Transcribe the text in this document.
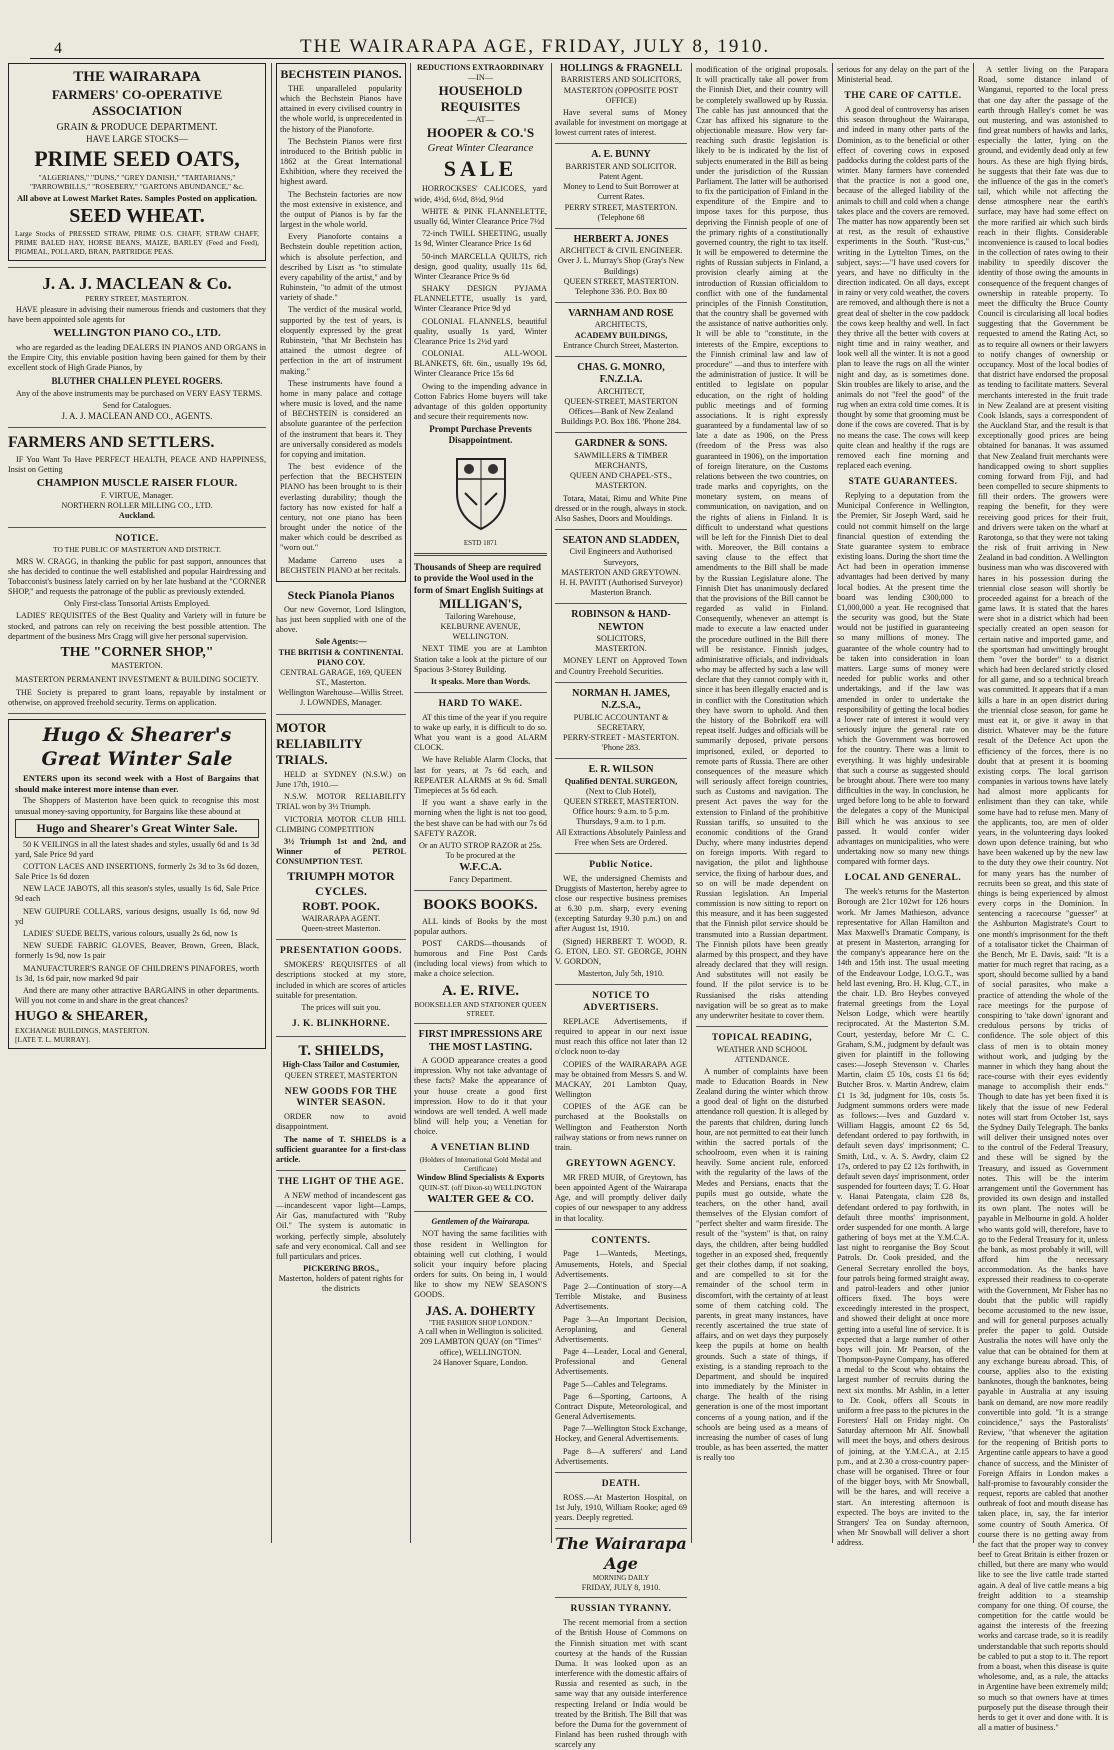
4	THE WAIRARAPA AGE, FRIDAY, JULY 8, 1910.
THE WAIRARAPA
FARMERS' CO-OPERATIVE ASSOCIATION
GRAIN & PRODUCE DEPARTMENT.
HAVE LARGE STOCKS—
PRIME SEED OATS,
"ALGERIANS," "DUNS," "GREY DANISH," "TARTARIANS," "PARROWBILLS," "ROSEBERY," "GARTONS ABUNDANCE," &c.
All above at Lowest Market Rates. Samples Posted on application.
SEED WHEAT.
Large Stocks of PRESSED STRAW, PRIME O.S. CHAFF, STRAW CHAFF, PRIME BALED HAY, HORSE BEANS, MAIZE, BARLEY (Feed and Feed), PIGMEAL, POLLARD, BRAN, PARTRIDGE PEAS.
J. A. J. MACLEAN & Co.
PERRY STREET, MASTERTON.

HAVE pleasure in advising their numerous friends and customers that they have been appointed sole agents for

WELLINGTON PIANO CO., LTD.

who are regarded as the leading DEALERS IN PIANOS AND ORGANS in the Empire City, this enviable position having been gained for them by their excellent stock of High Grade Pianos, by

BLUTHER CHALLEN PLEYEL ROGERS.

Any of the above instruments may be purchased on VERY EASY TERMS.

Send for Catalogues.
J. A. J. MACLEAN AND CO., AGENTS.
FARMERS AND SETTLERS.

IF You Want To Have PERFECT HEALTH, PEACE AND HAPPINESS, Insist on Getting

CHAMPION MUSCLE RAISER FLOUR.
F. VIRTUE, Manager.
NORTHERN ROLLER MILLING CO., LTD.
Auckland.
NOTICE.
TO THE PUBLIC OF MASTERTON AND DISTRICT.

MRS W. CRAGG, in thanking the public for past support, announces that she has decided to continue the well established and popular Hairdressing and Tobacconist's business lately carried on by her late husband at the "CORNER SHOP," and requests the patronage of the public as previously extended.

Only First-class Tonsorial Artists Employed.

LADIES' REQUISITES of the Best Quality and Variety will in future be stocked, and patrons can rely on receiving the best possible attention. The department of the business Mrs Cragg will give her personal supervision.

THE "CORNER SHOP,"
MASTERTON.
MASTERTON PERMANENT INVESTMENT & BUILDING SOCIETY.

THE Society is prepared to grant loans, repayable by instalment or otherwise, on approved freehold security. Terms on application.

Hugo & Shearer's Great Winter Sale

ENTERS upon its second week with a Host of Bargains that should make interest more intense than ever.

The Shoppers of Masterton have been quick to recognise this most unusual money-saving opportunity, for Bargains like these abound at

Hugo and Shearer's Great Winter Sale.

50 K VEILINGS in all the latest shades and styles, usually 6d and 1s 3d yard, Sale Price 9d yard

COTTON LACES AND INSERTIONS, formerly 2s 3d to 3s 6d dozen, Sale Price 1s 6d dozen

NEW LACE JABOTS, all this season's styles, usually 1s 6d, Sale Price 9d each

NEW GUIPURE COLLARS, various designs, usually 1s 6d, now 9d yd

LADIES' SUEDE BELTS, various colours, usually 2s 6d, now 1s

NEW SUEDE FABRIC GLOVES, Beaver, Brown, Green, Black, formerly 1s 9d, now 1s pair

MANUFACTURER'S RANGE OF CHILDREN'S PINAFORES, worth 1s 3d, 1s 6d pair, now marked 9d pair

And there are many other attractive BARGAINS in other departments. Will you not come in and share in the great chances?

HUGO & SHEARER,
EXCHANGE BUILDINGS, MASTERTON.
[LATE T. L. MURRAY].
BECHSTEIN PIANOS.

THE unparalleled popularity which the Bechstein Pianos have attained in every civilised country in the whole world, is unprecedented in the history of the Pianoforte.

The Bechstein Pianos were first introduced to the British public in 1862 at the Great International Exhibition, where they received the highest award.

The Bechstein factories are now the most extensive in existence, and the output of Pianos is by far the largest in the whole world.

Every Pianoforte contains a Bechstein double repetition action, which is absolute perfection, and described by Liszt as "to stimulate every capability of the artist," and by Rubinstein, "to admit of the utmost variety of shade."

The verdict of the musical world, supported by the test of years, is eloquently expressed by the great Rubinstein, "that Mr Bechstein has attained the utmost degree of perfection in the art of instrument making."

These instruments have found a home in many palace and cottage where music is loved, and the name of BECHSTEIN is considered an absolute guarantee of the perfection of the instrument that bears it. They are universally considered as models for copying and imitation.

The best evidence of the perfection that the BECHSTEIN PIANO has been brought to is their everlasting durability; though the factory has now existed for half a century, not one piano has been brought under the notice of the maker which could be described as "worn out."

Madame Carreno uses a BECHSTEIN PIANO at her recitals.

Steck Pianola Pianos

Our new Governor, Lord Islington, has just been supplied with one of the above.

Sole Agents:—
THE BRITISH & CONTINENTAL PIANO COY.
CENTRAL GARAGE, 169, QUEEN ST., Masterton.
Wellington Warehouse—Willis Street.
J. LOWNDES, Manager.
MOTOR RELIABILITY TRIALS.

HELD at SYDNEY (N.S.W.) on June 17th, 1910.—

N.S.W. MOTOR RELIABILITY TRIAL won by 3½ Triumph.

VICTORIA MOTOR CLUB HILL CLIMBING COMPETITION

3½ Triumph 1st and 2nd, and Winner of PETROL CONSUMPTION TEST.

TRIUMPH MOTOR CYCLES.
ROBT. POOK.
WAIRARAPA AGENT.
Queen-street Masterton.
PRESENTATION GOODS.

SMOKERS' REQUISITES of all descriptions stocked at my store, included in which are scores of articles suitable for presentation.

The prices will suit you.
J. K. BLINKHORNE.
T. SHIELDS,
High-Class Tailor and Costumier,
QUEEN STREET, MASTERTON
NEW GOODS FOR THE WINTER SEASON.

ORDER now to avoid disappointment.

The name of T. SHIELDS is a sufficient guarantee for a first-class article.

THE LIGHT OF THE AGE.

A NEW method of incandescent gas—incandescent vapor light—Lamps, Air Gas, manufactured with "Ruby Oil." The system is automatic in working, perfectly simple, absolutely safe and very economical. Call and see full particulars and prices.

PICKERING BROS.,
Masterton, holders of patent rights for the districts
REDUCTIONS EXTRAORDINARY
—IN—
HOUSEHOLD REQUISITES
—AT—
HOOPER & CO.'S
Great Winter Clearance
SALE

HORROCKSES' CALICOES, yard wide, 4½d, 6½d, 8½d, 9½d

WHITE & PINK FLANNELETTE, usually 6d, Winter Clearance Price 7½d

72-inch TWILL SHEETING, usually 1s 9d, Winter Clearance Price 1s 6d

50-inch MARCELLA QUILTS, rich design, good quality, usually 11s 6d, Winter Clearance Price 9s 6d

SHAKY DESIGN PYJAMA FLANNELETTE, usually 1s yard, Winter Clearance Price 9d yd

COLONIAL FLANNELS, beautiful quality, usually 1s yard, Winter Clearance Price 1s 2½d yard

COLONIAL ALL-WOOL BLANKETS, 6ft. 6in., usually 19s 6d, Winter Clearance Price 15s 6d

Owing to the impending advance in Cotton Fabrics Home buyers will take advantage of this golden opportunity and secure their requirements now.

Prompt Purchase Prevents Disappointment.
ESTD 1871
Thousands of Sheep are required to provide the Wool used in the form of Smart English Suitings at
MILLIGAN'S,
Tailoring Warehouse,
KELBURNE AVENUE,
WELLINGTON.

NEXT TIME you are at Lambton Station take a look at the picture of our Spacious 3-Storey Building.

It speaks. More than Words.
HARD TO WAKE.

AT this time of the year if you require to wake up early, it is difficult to do so. What you want is a good ALARM CLOCK.

We have Reliable Alarm Clocks, that last for years, at 7s 6d each, and REPEATER ALARMS at 9s 6d. Small Timepieces at 5s 6d each.

If you want a shave early in the morning when the light is not too good, the best shave can be had with our 7s 6d SAFETY RAZOR.

Or an AUTO STROP RAZOR at 25s.
To be procured at the
W.F.C.A.
Fancy Department.
BOOKS BOOKS.

ALL kinds of Books by the most popular authors.

POST CARDS—thousands of humorous and Fine Post Cards (including local views) from which to make a choice selection.

A. E. RIVE.
BOOKSELLER AND STATIONER QUEEN STREET.
FIRST IMPRESSIONS ARE THE MOST LASTING.

A GOOD appearance creates a good impression. Why not take advantage of these facts? Make the appearance of your house create a good first impression. How to do it that your windows are well tended. A well made blind will help you; a Venetian for choice.

A VENETIAN BLIND
(Holders of International Gold Medal and Certificate)
Window Blind Specialists & Exports
QUIN-ST. (off Dixon-st) WELLINGTON
WALTER GEE & CO.
Gentlemen of the Wairarapa.

NOT having the same facilities with those resident in Wellington for obtaining well cut clothing, I would solicit your inquiry before placing orders for suits. On being in, I would like to show my NEW SEASON'S GOODS.

JAS. A. DOHERTY
"THE FASHION SHOP LONDON."
A call when in Wellington is solicited.
209 LAMBTON QUAY (on "Times" office), WELLINGTON.
24 Hanover Square, London.
HOLLINGS & FRAGNELL
BARRISTERS AND SOLICITORS,
MASTERTON (OPPOSITE POST OFFICE)

Have several sums of Money available for investment on mortgage at lowest current rates of interest.

A. E. BUNNY
BARRISTER AND SOLICITOR.
Patent Agent.
Money to Lend to Suit Borrower at Current Rates.
PERRY STREET, MASTERTON.
(Telephone 68
HERBERT A. JONES
ARCHITECT & CIVIL ENGINEER.
Over J. L. Murray's Shop (Gray's New Buildings)
QUEEN STREET, MASTERTON.
Telephone 336. P.O. Box 80
VARNHAM AND ROSE
ARCHITECTS,
ACADEMY BUILDINGS,
Entrance Church Street, Masterton.
CHAS. G. MONRO, F.N.Z.I.A.
ARCHITECT,
QUEEN-STREET, MASTERTON
Offices—Bank of New Zealand Buildings P.O. Box 186. 'Phone 284.
GARDNER & SONS.
SAWMILLERS & TIMBER MERCHANTS,
QUEEN AND CHAPEL-STS., MASTERTON.

Totara, Matai, Rimu and White Pine dressed or in the rough, always in stock. Also Sashes, Doors and Mouldings.

SEATON AND SLADDEN,
Civil Engineers and Authorised Surveyors,
MASTERTON AND GREYTOWN.
H. H. PAVITT (Authorised Surveyor) Masterton Branch.
ROBINSON & HAND-NEWTON
SOLICITORS,
MASTERTON.

MONEY LENT on Approved Town and Country Freehold Securities.

NORMAN H. JAMES, N.Z.S.A.,
PUBLIC ACCOUNTANT & SECRETARY,
PERRY-STREET - MASTERTON.
'Phone 283.
E. R. WILSON
Qualified DENTAL SURGEON,
(Next to Club Hotel),
QUEEN STREET, MASTERTON.
Office hours: 9 a.m. to 5 p.m. Thursdays, 9 a.m. to 1 p.m.
All Extractions Absolutely Painless and Free when Sets are Ordered.
Public Notice.

WE, the undersigned Chemists and Druggists of Masterton, hereby agree to close our respective business premises at 6.30 p.m. sharp, every evening (excepting Saturday 9.30 p.m.) on and after August 1st, 1910.

(Signed) HERBERT T. WOOD, R. G. ETON, LEO. ST. GEORGE, JOHN V. GORDON,

Masterton, July 5th, 1910.
NOTICE TO ADVERTISERS.

REPLACE Advertisements, if required to appear in our next issue must reach this office not later than 12 o'clock noon to-day

COPIES of the WAIRARAPA AGE may be obtained from Messrs S. and W. MACKAY, 201 Lambton Quay, Wellington

COPIES of the AGE can be purchased at the Bookstalls on Wellington and Featherston North railway stations or from news runner on train.

GREYTOWN AGENCY.

MR FRED MUIR, of Greytown, has been appointed Agent of the Wairarapa Age, and will promptly deliver daily copies of our newspaper to any address in that locality.

CONTENTS.

Page 1—Wanteds, Meetings, Amusements, Hotels, and Special Advertisements.

Page 2—Continuation of story—A Terrible Mistake, and Business Advertisements.

Page 3—An Important Decision, Aeroplaning, and General Advertisements.

Page 4—Leader, Local and General, Professional and General Advertisements.

Page 5—Cables and Telegrams.

Page 6—Sporting, Cartoons, A Contract Dispute, Meteorological, and General Advertisements.

Page 7—Wellington Stock Exchange, Hockey, and General Advertisements.

Page 8—A sufferers' and Land Advertisements.

DEATH.

ROSS.—At Masterton Hospital, on 1st July, 1910, William Rooke; aged 69 years. Deeply regretted.

The Wairarapa Age
MORNING DAILY
FRIDAY, JULY 8, 1910.
RUSSIAN TYRANNY.

The recent memorial from a section of the British House of Commons on the Finnish situation met with scant courtesy at the hands of the Russian Duma. It was looked upon as an interference with the domestic affairs of Russia and resented as such, in the same way that any outside interference respecting Ireland or India would be treated by the British. The Bill that was before the Duma for the government of Finland has been rushed through with scarcely any

modification of the original proposals. It will practically take all power from the Finnish Diet, and their country will be completely swallowed up by Russia. The cable has just announced that the Czar has affixed his signature to the objectionable measure. How very far-reaching such drastic legislation is likely to be is indicated by the list of subjects enumerated in the Bill as being under the jurisdiction of the Russian Parliament. The latter will be authorised to fix the participation of Finland in the expenditure of the Empire and to impose taxes for this purpose, thus depriving the Finnish people of one of the primary rights of a constitutionally governed country, the right to tax itself. It will be empowered to determine the rights of Russian subjects in Finland, a provision clearly aiming at the introduction of Russian officialdom to conflict with one of the fundamental principles of the Finnish Constitution, that the country shall be governed with the assistance of native authorities only. It will be able to "constitute, in the interests of the Empire, exceptions to the Finnish criminal law and law of procedure" —and thus to interfere with the administration of justice. It will be entitled to legislate on popular education, on the right of holding public meetings and of forming associations. It is right expressly guaranteed by a fundamental law of so late a date as 1906, on the Press (freedom of the Press was also guaranteed in 1906), on the importation of foreign literature, on the Customs relations between the two countries, on trade marks and copyrights, on the monetary system, on means of communication, on navigation, and on the rights of aliens in Finland. It is difficult to understand what questions will be left for the Finnish Diet to deal with. Moreover, the Bill contains a saving clause to the effect that amendments to the Bill shall be made by the Russian Legislature alone. The Finnish Diet has unanimously declared that the provisions of the Bill cannot be regarded as valid in Finland. Consequently, whenever an attempt is made to execute a law enacted under the procedure outlined in the Bill there will be resistance. Finnish judges, administrative officials, and individuals who may be affected by such a law will declare that they cannot comply with it, since it has been illegally enacted and is in conflict with the Constitution which they have sworn to uphold. And then the history of the Bobrikoff era will repeat itself. Judges and officials will be summarily deposed, private persons imprisoned, exiled, or deported to remote parts of Russia. There are other consequences of the measure which will seriously affect foreign countries, such as Customs and navigation. The present Act paves the way for the extension to Finland of the prohibitive Russian tariffs, so unsuited to the economic conditions of the Grand Duchy, where many industries depend on foreign imports. With regard to navigation, the pilot and lighthouse service, the fixing of harbour dues, and so on will be made dependent on Russian legislation. An Imperial commission is now sitting to report on this measure, and it has been suggested that the Finnish pilot service should be transmuted into a Russian department. The Finnish pilots have been greatly alarmed by this prospect, and they have already declared that they will resign. And substitutes will not easily be found. If the pilot service is to be Russianised the risks attending navigation will be so great as to make any underwriter hesitate to cover them.

TOPICAL READING,
WEATHER AND SCHOOL ATTENDANCE.

A number of complaints have been made to Education Boards in New Zealand during the winter which throw a good deal of light on the disturbed attendance roll question. It is alleged by the parents that children, during lunch hour, are not permitted to eat their lunch within the sacred portals of the schoolroom, even when it is raining heavily. Some ancient rule, enforced with the regularity of the laws of the Medes and Persians, enacts that the pupils must go outside, whate the teachers, on the other hand, avail themselves of the Elysian comfort of "perfect shelter and warm fireside. The result of the "system" is that, on rainy days, the children, after being huddled together in an exposed shed, frequently get their clothes damp, if not soaking, and are compelled to sit for the remainder of the school term in discomfort, with the certainty of at least some of them catching cold. The parents, in great many instances, have recently ascertained the true state of affairs, and on wet days they purposely keep the pupils at home on health grounds. Such a state of things, if existing, is a standing reproach to the Department, and should be inquired into immediately by the Minister in charge. The health of the rising generation is one of the most important concerns of a young nation, and if the schools are being used as a means of increasing the number of cases of lung trouble, as has been asserted, the matter is really too

serious for any delay on the part of the Ministerial head.

THE CARE OF CATTLE.

A good deal of controversy has arisen this season throughout the Wairarapa, and indeed in many other parts of the Dominion, as to the beneficial or other effect of covering cows in exposed paddocks during the coldest parts of the winter. Many farmers have contended that the practice is not a good one, because of the alleged liability of the animals to chill and cold when a change takes place and the covers are removed. The matter has now apparently been set at rest, as the result of exhaustive experiments in the South. "Rust-cus," writing in the Lyttelton Times, on the subject, says:—"I have used covers for years, and have no difficulty in the direction indicated. On all days, except in rainy or very cold weather, the covers are removed, and although there is not a great deal of shelter in the cow paddock the cows keep healthy and well. In fact they thrive all the better with covers at night time and in rainy weather, and look well all the winter. It is not a good plan to leave the rugs on all the winter night and day, as is sometimes done. Skin troubles are likely to arise, and the animals do not "feel the good" of the rug when an extra cold time comes. It is thought by some that grooming must be done if the cows are covered. That is by no means the case. The cows will keep quite clean and healthy if the rugs are removed each fine morning and replaced each evening.

STATE GUARANTEES.

Replying to a deputation from the Municipal Conference in Wellington, the Premier, Sir Joseph Ward, said he could not commit himself on the large financial question of extending the State guarantee system to embrace existing loans. During the short time the Act had been in operation immense advantages had been derived by many local bodies. At the present time the board was lending £300,000 to £1,000,000 a year. He recognised that the security was good, but the State would not be justified in guaranteeing so many millions of money. The guarantee of the whole country had to be taken into consideration in loan matters. Large sums of money were needed for public works and other undertakings, and if the law was amended in order to undertake the responsibility of getting the local bodies a lower rate of interest it would very seriously injure the general rate on which the Government was borrowed for the country. There was a limit to everything. It was highly undesirable that such a course as suggested should be brought about. There were too many difficulties in the way. In conclusion, he urged before long to be able to forward the delegates a copy of the Municipal Bill which he was anxious to see passed. It would confer wider advantages on municipalities, who were undertaking now so many new things compared with former days.

LOCAL AND GENERAL.

The week's returns for the Masterton Borough are 21cr 102wt for 126 hours work. Mr James Mathieson, advance representative for Allan Hamilton and Max Maxwell's Dramatic Company, is at present in Masterton, arranging for the company's appearance here on the 14th and 15th inst. The usual meeting of the Endeavour Lodge, I.O.G.T., was held last evening, Bro. H. Klug, C.T., in the chair. I.D. Bro Heybes conveyed fraternal greetings from the Loyal Nelson Lodge, which were heartily reciprocated. At the Masterton S.M. Court, yesterday, before Mr C. C. Graham, S.M., judgment by default was given for plaintiff in the following cases:—Joseph Stevenson v. Charles Martin, claim £5 10s, costs £1 6s 6d; Butcher Bros. v. Martin Andrew, claim £1 1s 3d, judgment for 10s, costs 5s. Judgment summons orders were made as follows:—Ives and Guzdard v. William Haggis, amount £2 6s 5d, defendant ordered to pay forthwith, in default seven days' imprisonment; C. Smith, Ltd., v. A. S. Awdry, claim £2 17s, ordered to pay £2 12s forthwith, in default seven days' imprisonment, order suspended for fourteen days; T. G. Hoar v. Hanai Patengata, claim £28 8s, defendant ordered to pay forthwith, in default three months' imprisonment, order suspended for one month. A large gathering of boys met at the Y.M.C.A. last night to reorganise the Boy Scout Patrols. Dr. Cook presided, and the General Secretary enrolled the boys, four patrols being formed straight away, and patrol-leaders and other junior officers fixed. The boys were exceedingly interested in the prospect, and showed their delight at once more getting into a useful line of service. It is expected that a large number of other boys will join. Mr Pearson, of the Thompson-Payne Company, has offered a medal to the Scout who obtains the largest number of recruits during the next six months. Mr Ashlin, in a letter to Dr. Cook, offers all Scouts in uniform a free pass to the pictures in the Foresters' Hall on Friday night. On Saturday afternoon Mr Alf. Snowball will meet the boys, and others desirous of joining, at the Y.M.C.A., at 2.15 p.m., and at 2.30 a cross-country paper-chase will be organised. Three or four of the bigger boys, with Mr Snowball, will be the hares, and will receive a start. An interesting afternoon is expected. The boys are invited to the Strangers' Tea on Sunday afternoon, when Mr Snowball will deliver a short address.

A settler living on the Parapara Road, some distance inland of Wanganui, reported to the local press that one day after the passage of the earth through Halley's comet he was out mustering, and was astonished to find great numbers of hawks and larks, especially the latter, lying on the ground, and evidently dead only at few hours. As these are high flying birds, he suggests that their fate was due to the influence of the gas in the comet's tail, which while not affecting the dense atmosphere near the earth's surface, may have had some effect on the more rarified air which such birds reach in their flights. Considerable inconvenience is caused to local bodies in the collection of rates owing to their inability to speedily discover the identity of those owing the amounts in consequence of the frequent changes of ownership in rateable property. To meet the difficulty the Bruce County Council is circularising all local bodies suggesting that the Government be requested to amend the Rating Act, so as to require all owners or their lawyers to notify changes of ownership or occupancy. Most of the local bodies of that district have endorsed the proposal as tending to facilitate matters. Several merchants interested in the fruit trade in New Zealand are at present visiting Cook Islands, says a correspondent of the Auckland Star, and the result is that exceptionally good prices are being obtained for bananas. It was assumed that New Zealand fruit merchants were handicapped owing to short supplies coming forward from Fiji, and had been compelled to secure shipments to fill their orders. The growers were reaping the benefit, for they were receiving good prices for their fruit, and drivers were taken on the wharf at Rarotonga, so that they were not taking the risk of fruit arriving in New Zealand in bad condition. A Wellington business man who was discovered with hares in his possession during the triennial close season will shortly be proceeded against for a breach of the game laws. It is stated that the hares were shot in a district which had been specially created an open season for certain native and imported game, and the sportsman had unwittingly brought them "over the border" to a district which had been declared strictly closed for all game, and so a technical breach was committed. It appears that if a man kills a hare in an open district during the triennial close season, for game he must eat it, or give it away in that district. Whatever may be the future result of the Defence Act upon the efficiency of the forces, there is no doubt that at present it is booming existing corps. The local garrison companies in various towns have lately had almost more applicants for enlistment than they can take, while some have had to refuse men. Many of the applicants, too, are men of older years, in the volunteering days looked down upon defence training, but who have been wakened up by the new law to the duty they owe their country. Not for many years has the number of recruits been so great, and this state of things is being experienced by almost every corps in the Dominion. In sentencing a racecourse "guesser" at the Ashburton Magistrate's Court to one month's imprisonment for the theft of a totalisator ticket the Chairman of the Bench, Mr E. Davis, said: "It is a matter for much regret that racing, as a sport, should become sullied by a band of social parasites, who make a practice of attending the whole of the race meetings for the purpose of conspiring to 'take down' ignorant and credulous persons by tricks of confidence. The sole object of this class of men is to obtain money without work, and judging by the manner in which they hang about the race-course with their eyes evidently manage to accomplish their ends." Though to date has yet been fixed it is likely that the issue of new Federal notes will start from October 1st, says the Sydney Daily Telegraph. The banks will deliver their unsigned notes over to the control of the Federal Treasury, and these will be signed by the Treasury, and issued as Government notes. This will be the interim arrangement until the Government has provided its own design and installed its own plant. The notes will be payable in Melbourne in gold. A holder who wants gold will, therefore, have to go to the Federal Treasury for it, unless the bank, as most probably it will, will afford him the necessary accommodation. As the banks have expressed their readiness to co-operate with the Government, Mr Fisher has no doubt that the public will rapidly become accustomed to the new issue, and will for general purposes actually prefer the paper to gold. Outside Australia the notes will have only the value that can be obtained for them at any exchange bureau abroad. This, of course, applies also to the existing banknotes, though the banknotes, being payable in Australia at any issuing bank on demand, are now more readily convertible into gold. "It is a strange coincidence," says the Pastoralists' Review, "that whenever the agitation for the reopening of British ports to Argentine cattle appears to have a good chance of success, and the Minister of Foreign Affairs in London makes a half-promise to favourably consider the request, reports are cabled that another outbreak of foot and mouth disease has taken place, in, say, the far interior some country of South America. Of course there is no getting away from the fact that the proper way to convey beef to Great Britain is either frozen or chilled, but there are many who would like to see the live cattle trade started again. A deal of live cattle means a big freight addition to a steamship company for one thing. Of course, the competition for the cattle would be against the interests of the freezing works and carcase trade, so it is readily understandable that such reports should be cabled to put a stop to it. The report from a boast, when this disease is quite wholesome, and, as a rule, the attacks in Argentine have been extremely mild; so much so that owners have at times purposely put the disease through their herds to get it over and done with. It is all a matter of business."
